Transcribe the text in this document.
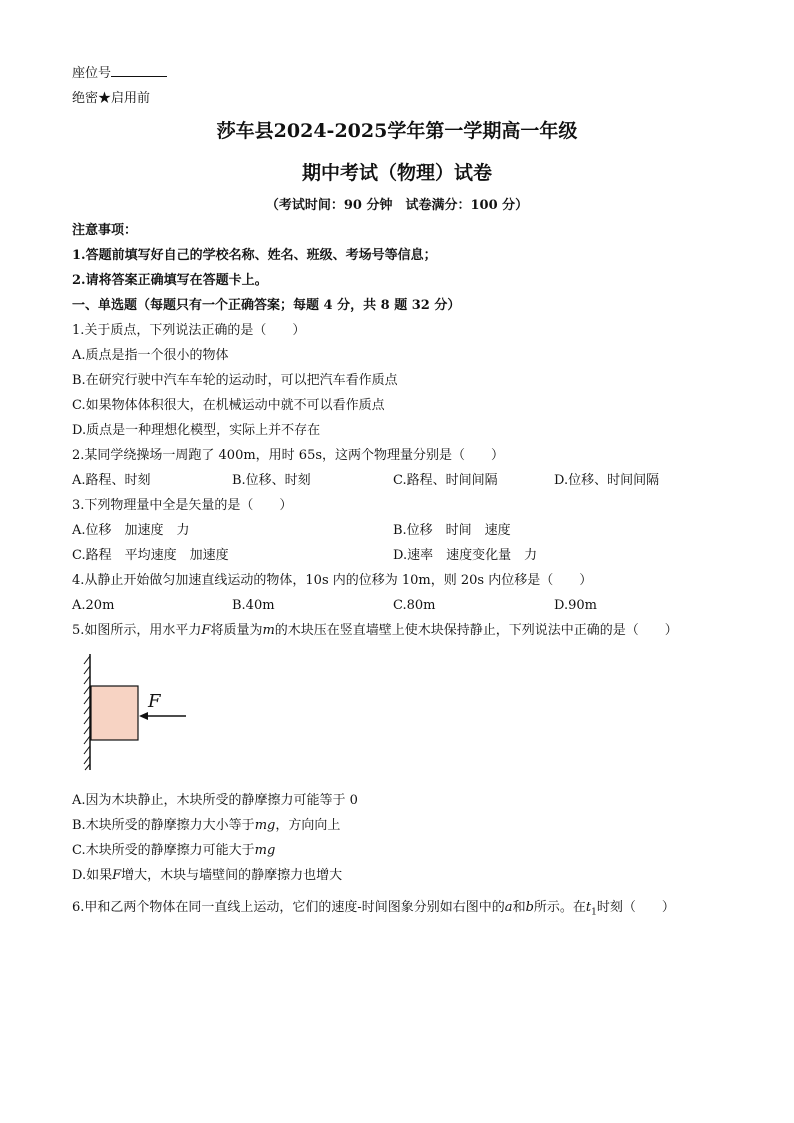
座位号
绝密★启用前
莎车县2024-2025学年第一学期高一年级
期中考试（物理）试卷
（考试时间：90 分钟　试卷满分：100 分）
注意事项：
1.答题前填写好自己的学校名称、姓名、班级、考场号等信息；
2.请将答案正确填写在答题卡上。
一、单选题（每题只有一个正确答案；每题 4 分，共 8 题 32 分）
1.关于质点，下列说法正确的是（　　）
A.质点是指一个很小的物体
B.在研究行驶中汽车车轮的运动时，可以把汽车看作质点
C.如果物体体积很大，在机械运动中就不可以看作质点
D.质点是一种理想化模型，实际上并不存在
2.某同学绕操场一周跑了 400m，用时 65s，这两个物理量分别是（　　）
A.路程、时刻	B.位移、时刻	C.路程、时间间隔	D.位移、时间间隔
3.下列物理量中全是矢量的是（　　）
A.位移　加速度　力	B.位移　时间　速度
C.路程　平均速度　加速度	D.速率　速度变化量　力
4.从静止开始做匀加速直线运动的物体，10s 内的位移为 10m，则 20s 内位移是（　　）
A.20m	B.40m	C.80m	D.90m
5.如图所示，用水平力F将质量为m的木块压在竖直墙壁上使木块保持静止，下列说法中正确的是（　　）
F
A.因为木块静止，木块所受的静摩擦力可能等于 0
B.木块所受的静摩擦力大小等于mg，方向向上
C.木块所受的静摩擦力可能大于mg
D.如果F增大，木块与墙壁间的静摩擦力也增大
6.甲和乙两个物体在同一直线上运动，它们的速度-时间图象分别如右图中的a和b所示。在$t_1$时刻（　　）
